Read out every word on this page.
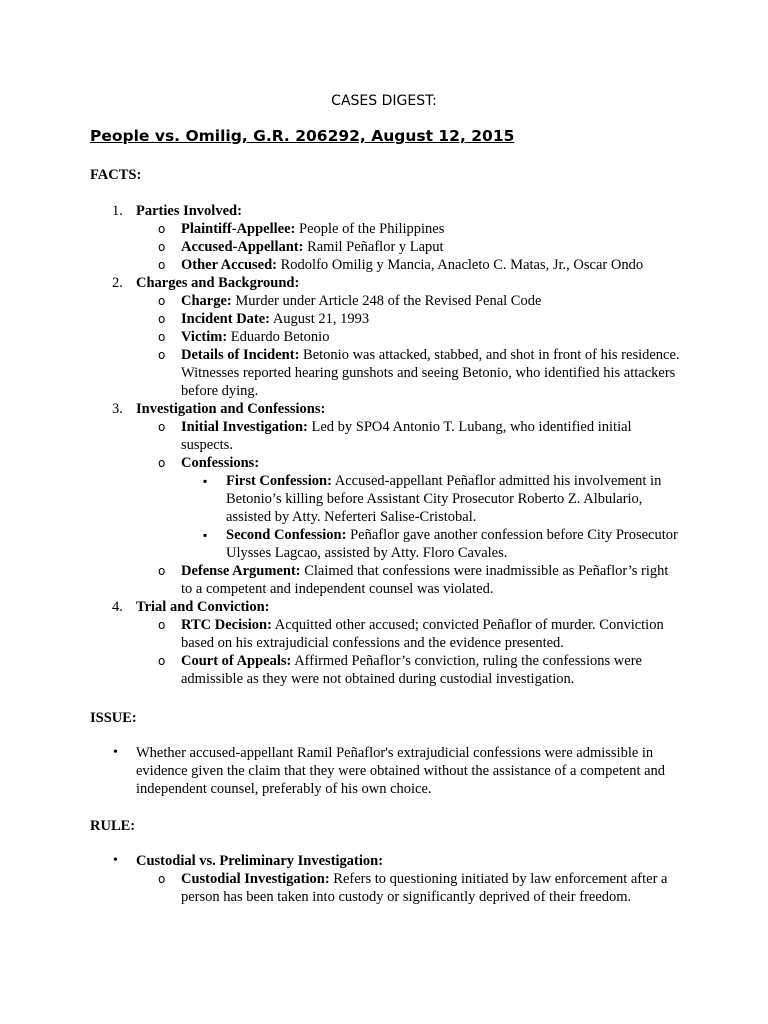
CASES DIGEST:
People vs. Omilig, G.R. 206292, August 12, 2015
FACTS:
1. Parties Involved:
o Plaintiff-Appellee: People of the Philippines
o Accused-Appellant: Ramil Peñaflor y Laput
o Other Accused: Rodolfo Omilig y Mancia, Anacleto C. Matas, Jr., Oscar Ondo
2. Charges and Background:
o Charge: Murder under Article 248 of the Revised Penal Code
o Incident Date: August 21, 1993
o Victim: Eduardo Betonio
o Details of Incident: Betonio was attacked, stabbed, and shot in front of his residence. Witnesses reported hearing gunshots and seeing Betonio, who identified his attackers before dying.
3. Investigation and Confessions:
o Initial Investigation: Led by SPO4 Antonio T. Lubang, who identified initial suspects.
o Confessions:
▪ First Confession: Accused-appellant Peñaflor admitted his involvement in Betonio’s killing before Assistant City Prosecutor Roberto Z. Albulario, assisted by Atty. Neferteri Salise-Cristobal.
▪ Second Confession: Peñaflor gave another confession before City Prosecutor Ulysses Lagcao, assisted by Atty. Floro Cavales.
o Defense Argument: Claimed that confessions were inadmissible as Peñaflor’s right to a competent and independent counsel was violated.
4. Trial and Conviction:
o RTC Decision: Acquitted other accused; convicted Peñaflor of murder. Conviction based on his extrajudicial confessions and the evidence presented.
o Court of Appeals: Affirmed Peñaflor’s conviction, ruling the confessions were admissible as they were not obtained during custodial investigation.
ISSUE:
• Whether accused-appellant Ramil Peñaflor's extrajudicial confessions were admissible in evidence given the claim that they were obtained without the assistance of a competent and independent counsel, preferably of his own choice.
RULE:
• Custodial vs. Preliminary Investigation:
o Custodial Investigation: Refers to questioning initiated by law enforcement after a person has been taken into custody or significantly deprived of their freedom.
